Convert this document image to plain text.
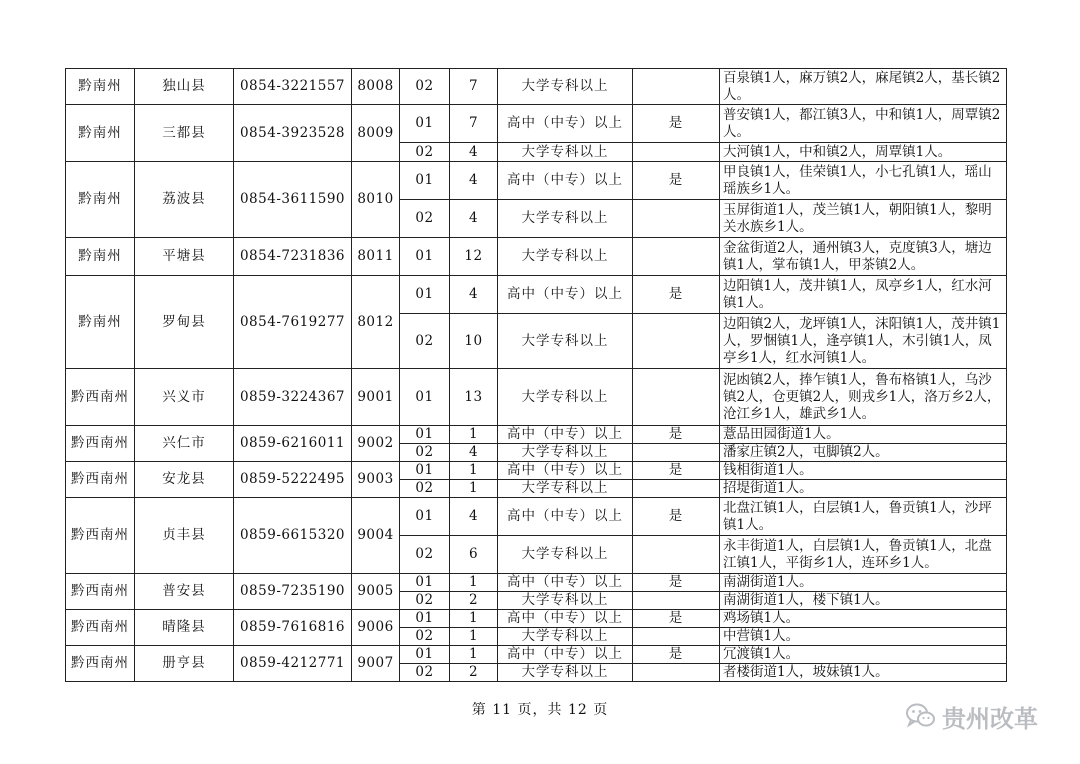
黔南州	独山县	0854-3221557	8008	02	7	大学专科以上		百泉镇1人，麻万镇2人，麻尾镇2人，基长镇2人。
黔南州	三都县	0854-3923528	8009	01	7	高中（中专）以上	是	普安镇1人，都江镇3人，中和镇1人，周覃镇2人。
				02	4	大学专科以上		大河镇1人，中和镇2人，周覃镇1人。
黔南州	荔波县	0854-3611590	8010	01	4	高中（中专）以上	是	甲良镇1人，佳荣镇1人，小七孔镇1人，瑶山瑶族乡1人。
				02	4	大学专科以上		玉屏街道1人，茂兰镇1人，朝阳镇1人，黎明关水族乡1人。
黔南州	平塘县	0854-7231836	8011	01	12	大学专科以上		金盆街道2人，通州镇3人，克度镇3人，塘边镇1人，掌布镇1人，甲茶镇2人。
黔南州	罗甸县	0854-7619277	8012	01	4	高中（中专）以上	是	边阳镇1人，茂井镇1人，凤亭乡1人，红水河镇1人。
				02	10	大学专科以上		边阳镇2人，龙坪镇1人，沫阳镇1人，茂井镇1人，罗悃镇1人，逢亭镇1人，木引镇1人，凤亭乡1人，红水河镇1人。
黔西南州	兴义市	0859-3224367	9001	01	13	大学专科以上		泥凼镇2人，捧乍镇1人，鲁布格镇1人，乌沙镇2人，仓更镇2人，则戎乡1人，洛万乡2人，沧江乡1人，雄武乡1人。
黔西南州	兴仁市	0859-6216011	9002	01	1	高中（中专）以上	是	薏品田园街道1人。
				02	4	大学专科以上		潘家庄镇2人，屯脚镇2人。
黔西南州	安龙县	0859-5222495	9003	01	1	高中（中专）以上	是	钱相街道1人。
				02	1	大学专科以上		招堤街道1人。
黔西南州	贞丰县	0859-6615320	9004	01	4	高中（中专）以上	是	北盘江镇1人，白层镇1人，鲁贡镇1人，沙坪镇1人。
				02	6	大学专科以上		永丰街道1人，白层镇1人，鲁贡镇1人，北盘江镇1人，平街乡1人，连环乡1人。
黔西南州	普安县	0859-7235190	9005	01	1	高中（中专）以上	是	南湖街道1人。
				02	2	大学专科以上		南湖街道1人，楼下镇1人。
黔西南州	晴隆县	0859-7616816	9006	01	1	高中（中专）以上	是	鸡场镇1人。
				02	1	大学专科以上		中营镇1人。
黔西南州	册亨县	0859-4212771	9007	01	1	高中（中专）以上	是	冗渡镇1人。
				02	2	大学专科以上		者楼街道1人，坡妹镇1人。
第 11 页，共 12 页	贵州改革
